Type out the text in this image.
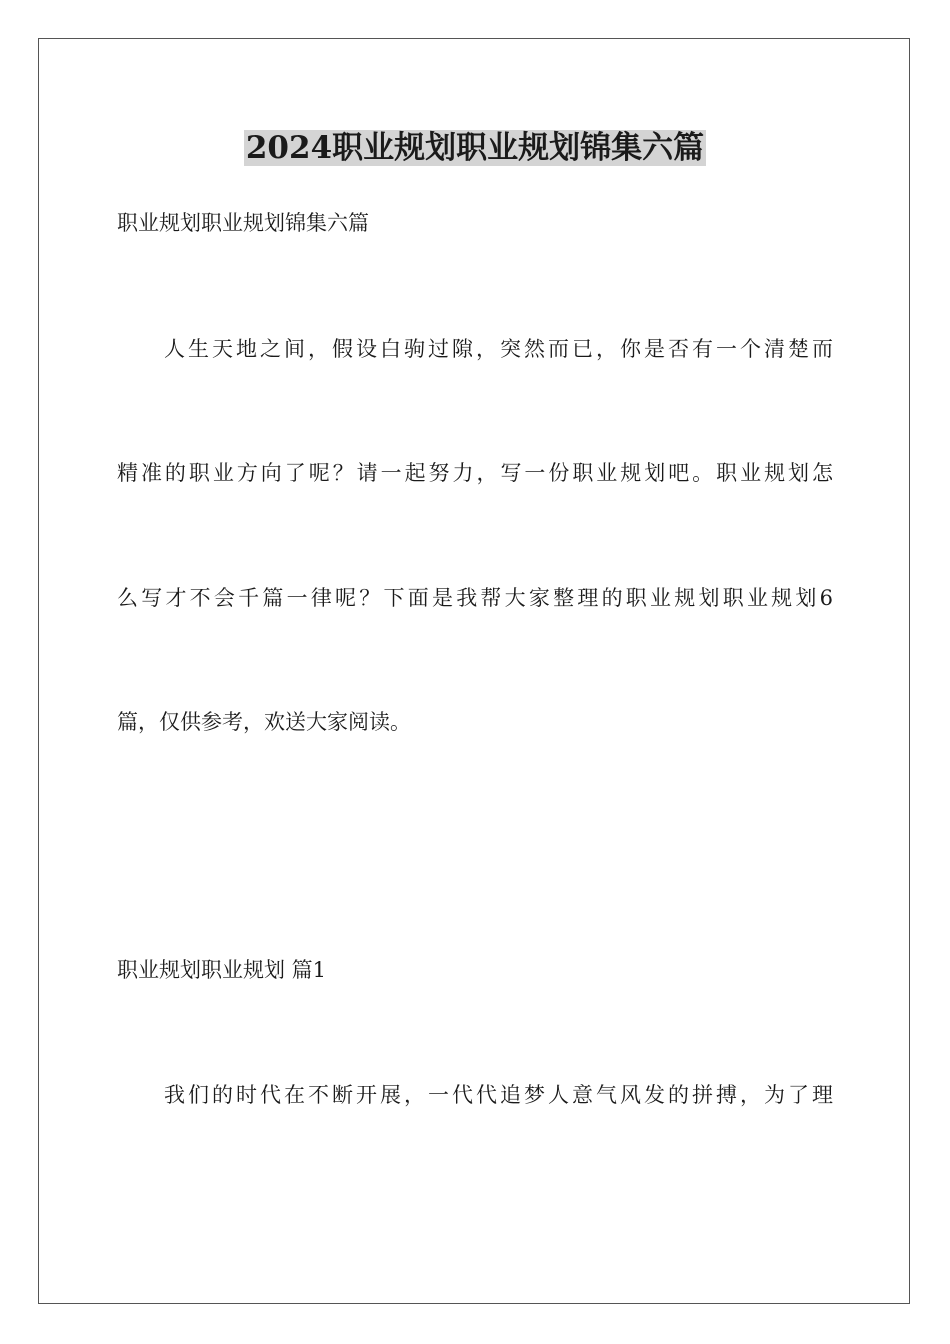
2024职业规划职业规划锦集六篇

职业规划职业规划锦集六篇

人生天地之间，假设白驹过隙，突然而已，你是否有一个清楚而

精准的职业方向了呢？请一起努力，写一份职业规划吧。职业规划怎

么写才不会千篇一律呢？下面是我帮大家整理的职业规划职业规划6

篇，仅供参考，欢送大家阅读。

职业规划职业规划 篇1

我们的时代在不断开展，一代代追梦人意气风发的拼搏，为了理
